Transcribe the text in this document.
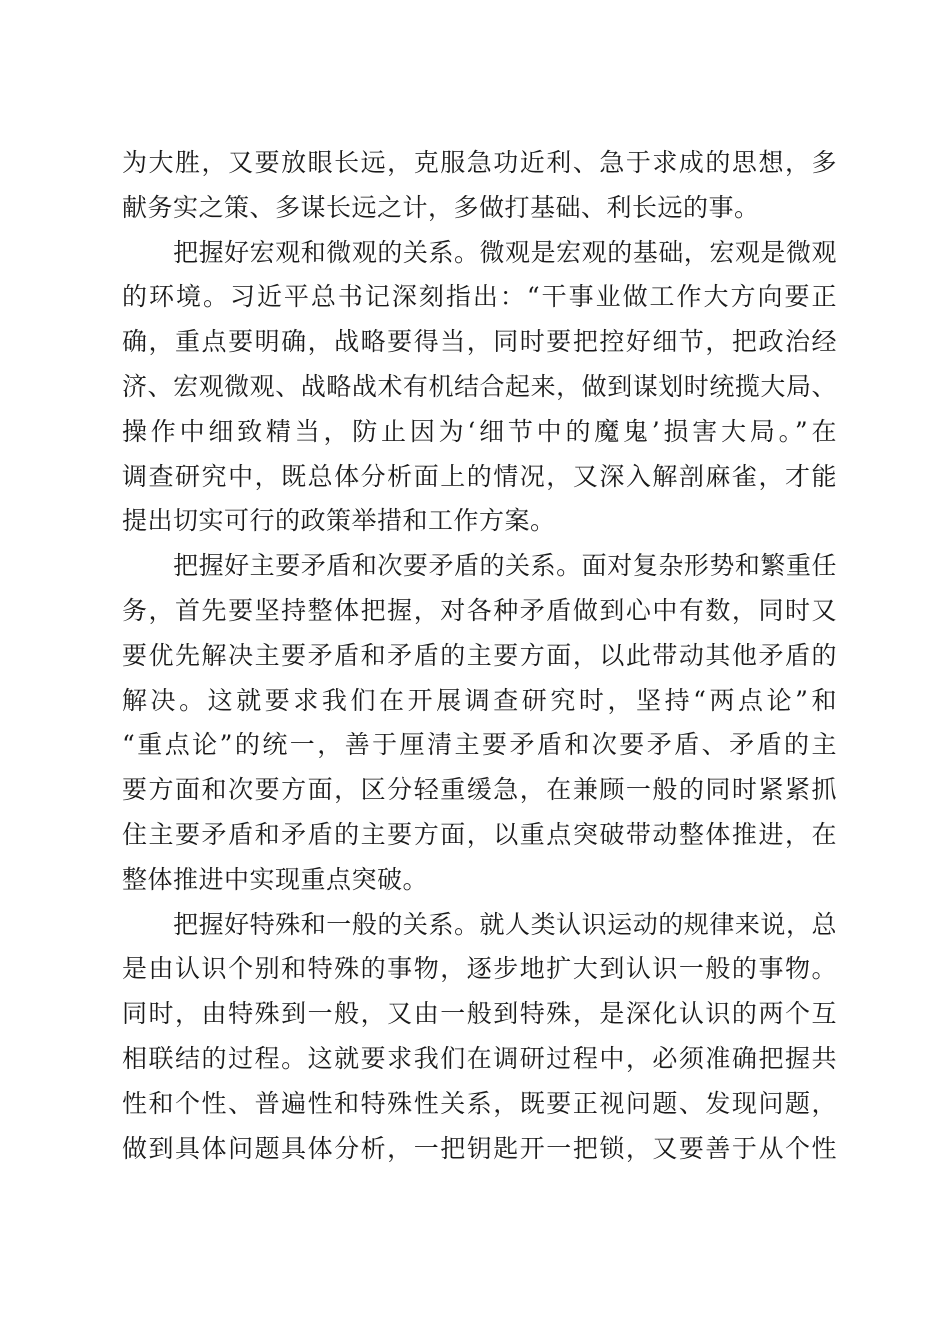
为大胜，又要放眼长远，克服急功近利、急于求成的思想，多
献务实之策、多谋长远之计，多做打基础、利长远的事。
　　把握好宏观和微观的关系。微观是宏观的基础，宏观是微观
的环境。习近平总书记深刻指出：“干事业做工作大方向要正
确，重点要明确，战略要得当，同时要把控好细节，把政治经
济、宏观微观、战略战术有机结合起来，做到谋划时统揽大局、
操作中细致精当，防止因为‘细节中的魔鬼’损害大局。”在
调查研究中，既总体分析面上的情况，又深入解剖麻雀，才能
提出切实可行的政策举措和工作方案。
　　把握好主要矛盾和次要矛盾的关系。面对复杂形势和繁重任
务，首先要坚持整体把握，对各种矛盾做到心中有数，同时又
要优先解决主要矛盾和矛盾的主要方面，以此带动其他矛盾的
解决。这就要求我们在开展调查研究时，坚持“两点论”和
“重点论”的统一，善于厘清主要矛盾和次要矛盾、矛盾的主
要方面和次要方面，区分轻重缓急，在兼顾一般的同时紧紧抓
住主要矛盾和矛盾的主要方面，以重点突破带动整体推进，在
整体推进中实现重点突破。
　　把握好特殊和一般的关系。就人类认识运动的规律来说，总
是由认识个别和特殊的事物，逐步地扩大到认识一般的事物。
同时，由特殊到一般，又由一般到特殊，是深化认识的两个互
相联结的过程。这就要求我们在调研过程中，必须准确把握共
性和个性、普遍性和特殊性关系，既要正视问题、发现问题，
做到具体问题具体分析，一把钥匙开一把锁，又要善于从个性
